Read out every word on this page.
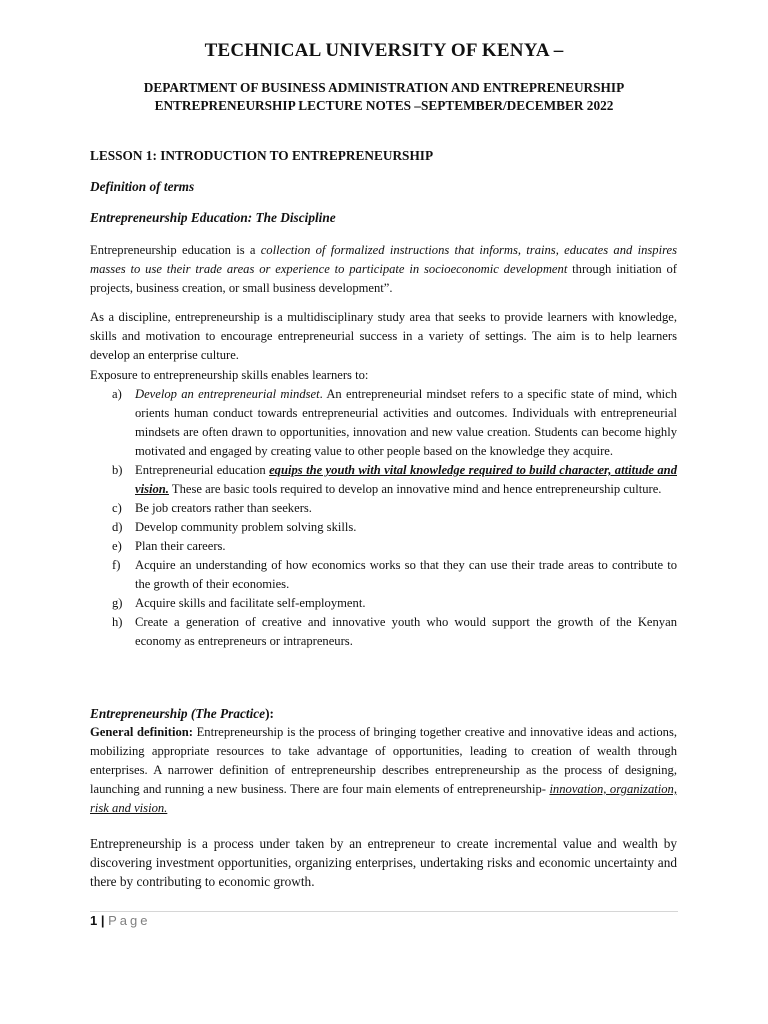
TECHNICAL UNIVERSITY OF KENYA –
DEPARTMENT OF BUSINESS ADMINISTRATION AND ENTREPRENEURSHIP
ENTREPRENEURSHIP LECTURE NOTES –SEPTEMBER/DECEMBER 2022
LESSON 1: INTRODUCTION TO ENTREPRENEURSHIP
Definition of terms
Entrepreneurship Education: The Discipline

Entrepreneurship education is a collection of formalized instructions that informs, trains, educates and inspires masses to use their trade areas or experience to participate in socioeconomic development through initiation of projects, business creation, or small business development”.

As a discipline, entrepreneurship is a multidisciplinary study area that seeks to provide learners with knowledge, skills and motivation to encourage entrepreneurial success in a variety of settings. The aim is to help learners develop an enterprise culture.

Exposure to entrepreneurship skills enables learners to:

a) Develop an entrepreneurial mindset. An entrepreneurial mindset refers to a specific state of mind, which orients human conduct towards entrepreneurial activities and outcomes. Individuals with entrepreneurial mindsets are often drawn to opportunities, innovation and new value creation. Students can become highly motivated and engaged by creating value to other people based on the knowledge they acquire.
b) Entrepreneurial education equips the youth with vital knowledge required to build character, attitude and vision. These are basic tools required to develop an innovative mind and hence entrepreneurship culture.
c) Be job creators rather than seekers.
d) Develop community problem solving skills.
e) Plan their careers.
f) Acquire an understanding of how economics works so that they can use their trade areas to contribute to the growth of their economies.
g) Acquire skills and facilitate self-employment.
h) Create a generation of creative and innovative youth who would support the growth of the Kenyan economy as entrepreneurs or intrapreneurs.
Entrepreneurship (The Practice):

General definition: Entrepreneurship is the process of bringing together creative and innovative ideas and actions, mobilizing appropriate resources to take advantage of opportunities, leading to creation of wealth through enterprises. A narrower definition of entrepreneurship describes entrepreneurship as the process of designing, launching and running a new business. There are four main elements of entrepreneurship- innovation, organization, risk and vision.

Entrepreneurship is a process under taken by an entrepreneur to create incremental value and wealth by discovering investment opportunities, organizing enterprises, undertaking risks and economic uncertainty and there by contributing to economic growth.

1 | Page
